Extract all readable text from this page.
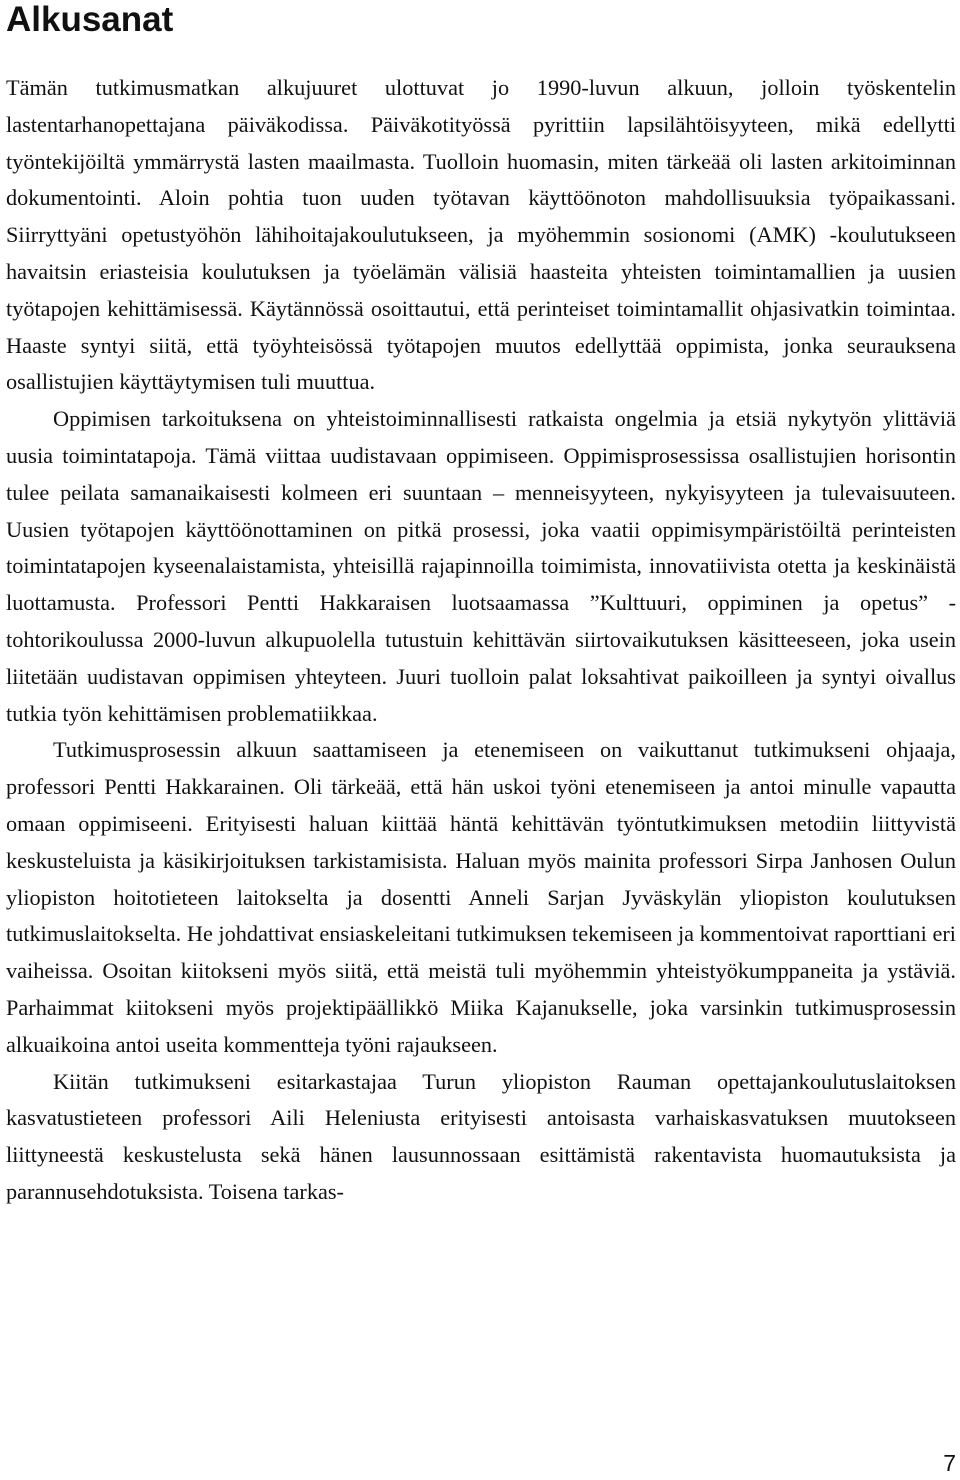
Alkusanat

Tämän tutkimusmatkan alkujuuret ulottuvat jo 1990-luvun alkuun, jolloin työskentelin lastentarhanopettajana päiväkodissa. Päiväkotityössä pyrittiin lapsilähtöisyyteen, mikä edellytti työntekijöiltä ymmärrystä lasten maailmasta. Tuolloin huomasin, miten tärkeää oli lasten arkitoiminnan dokumentointi. Aloin pohtia tuon uuden työtavan käyttöönoton mahdollisuuksia työpaikassani. Siirryttyäni opetustyöhön lähihoitajakoulutukseen, ja myöhemmin sosionomi (AMK) -koulutukseen havaitsin eriasteisia koulutuksen ja työelämän välisiä haasteita yhteisten toimintamallien ja uusien työtapojen kehittämisessä. Käytännössä osoittautui, että perinteiset toimintamallit ohjasivatkin toimintaa. Haaste syntyi siitä, että työyhteisössä työtapojen muutos edellyttää oppimista, jonka seurauksena osallistujien käyttäytymisen tuli muuttua.

Oppimisen tarkoituksena on yhteistoiminnallisesti ratkaista ongelmia ja etsiä nykytyön ylittäviä uusia toimintatapoja. Tämä viittaa uudistavaan oppimiseen. Oppimisprosessissa osallistujien horisontin tulee peilata samanaikaisesti kolmeen eri suuntaan – menneisyyteen, nykyisyyteen ja tulevaisuuteen. Uusien työtapojen käyttöönottaminen on pitkä prosessi, joka vaatii oppimisympäristöiltä perinteisten toimintatapojen kyseenalaistamista, yhteisillä rajapinnoilla toimimista, innovatiivista otetta ja keskinäistä luottamusta. Professori Pentti Hakkaraisen luotsaamassa ”Kulttuuri, oppiminen ja opetus” -tohtorikoulussa 2000-luvun alkupuolella tutustuin kehittävän siirtovaikutuksen käsitteeseen, joka usein liitetään uudistavan oppimisen yhteyteen. Juuri tuolloin palat loksahtivat paikoilleen ja syntyi oivallus tutkia työn kehittämisen problematiikkaa.

Tutkimusprosessin alkuun saattamiseen ja etenemiseen on vaikuttanut tutkimukseni ohjaaja, professori Pentti Hakkarainen. Oli tärkeää, että hän uskoi työni etenemiseen ja antoi minulle vapautta omaan oppimiseeni. Erityisesti haluan kiittää häntä kehittävän työntutkimuksen metodiin liittyvistä keskusteluista ja käsikirjoituksen tarkistamisista. Haluan myös mainita professori Sirpa Janhosen Oulun yliopiston hoitotieteen laitokselta ja dosentti Anneli Sarjan Jyväskylän yliopiston koulutuksen tutkimuslaitokselta. He johdattivat ensiaskeleitani tutkimuksen tekemiseen ja kommentoivat raporttiani eri vaiheissa. Osoitan kiitokseni myös siitä, että meistä tuli myöhemmin yhteistyökumppaneita ja ystäviä. Parhaimmat kiitokseni myös projektipäällikkö Miika Kajanukselle, joka varsinkin tutkimusprosessin alkuaikoina antoi useita kommentteja työni rajaukseen.

Kiitän tutkimukseni esitarkastajaa Turun yliopiston Rauman opettajankoulutuslaitoksen kasvatustieteen professori Aili Heleniusta erityisesti antoisasta varhaiskasvatuksen muutokseen liittyneestä keskustelusta sekä hänen lausunnossaan esittämistä rakentavista huomautuksista ja parannusehdotuksista. Toisena tarkas-

7
